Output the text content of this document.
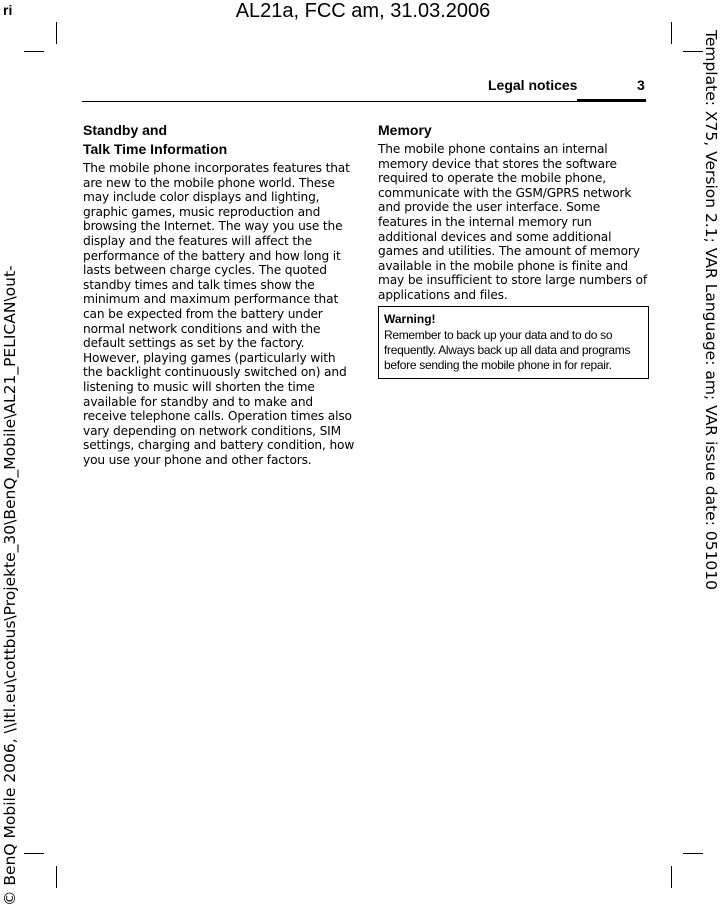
ri	AL21a, FCC am, 31.03.2006
Legal notices	3

Standby and

Talk Time Information

The mobile phone incorporates features that are new to the mobile phone world. These may include color displays and lighting, graphic games, music reproduction and browsing the Internet. The way you use the display and the features will affect the performance of the battery and how long it lasts between charge cycles. The quoted standby times and talk times show the minimum and maximum performance that can be expected from the battery under normal network conditions and with the default settings as set by the factory. However, playing games (particularly with the backlight continuously switched on) and listening to music will shorten the time available for standby and to make and receive telephone calls. Operation times also vary depending on network conditions, SIM settings, charging and battery condition, how you use your phone and other factors.

Memory

The mobile phone contains an internal memory device that stores the software required to operate the mobile phone, communicate with the GSM/GPRS network and provide the user interface. Some features in the internal memory run additional devices and some additional games and utilities. The amount of memory available in the mobile phone is finite and may be insufficient to store large numbers of applications and files.

Warning!
Remember to back up your data and to do so frequently. Always back up all data and programs before sending the mobile phone in for repair.	Template: X75, Version 2.1; VAR Language: am; VAR issue date: 051010
© BenQ Mobile 2006, \\Itl.eu\cottbus\Projekte_30\BenQ_Mobile\AL21_PELICAN\out-
